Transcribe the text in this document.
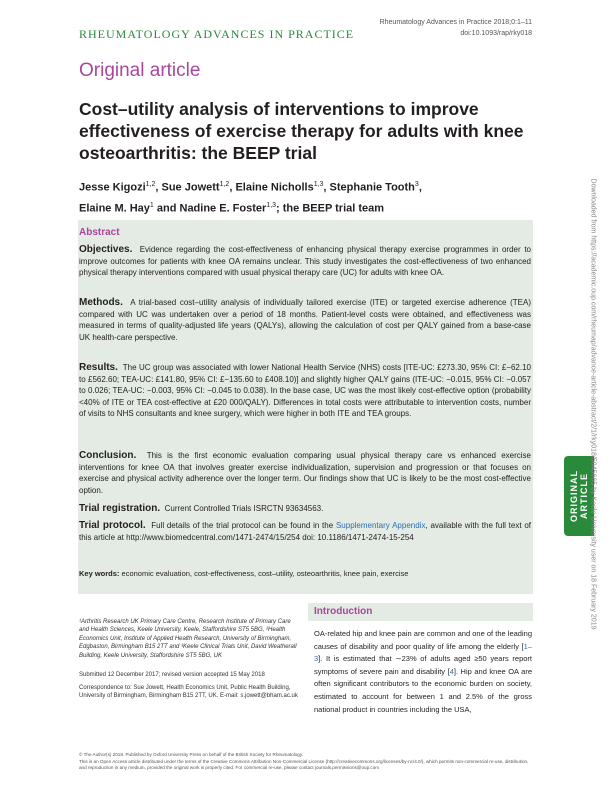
RHEUMATOLOGY ADVANCES IN PRACTICE
Rheumatology Advances in Practice 2018;0:1–11
doi:10.1093/rap/rky018
Original article
Cost–utility analysis of interventions to improve effectiveness of exercise therapy for adults with knee osteoarthritis: the BEEP trial
Jesse Kigozi$^{1,2}$, Sue Jowett$^{1,2}$, Elaine Nicholls$^{1,3}$, Stephanie Tooth$^3$,
Elaine M. Hay$^1$ and Nadine E. Foster$^{1,3}$; the BEEP trial team
Abstract

Objectives. Evidence regarding the cost-effectiveness of enhancing physical therapy exercise programmes in order to improve outcomes for patients with knee OA remains unclear. This study investigates the cost-effectiveness of two enhanced physical therapy interventions compared with usual physical therapy care (UC) for adults with knee OA.

Methods. A trial-based cost–utility analysis of individually tailored exercise (ITE) or targeted exercise adherence (TEA) compared with UC was undertaken over a period of 18 months. Patient-level costs were obtained, and effectiveness was measured in terms of quality-adjusted life years (QALYs), allowing the calculation of cost per QALY gained from a base-case UK health-care perspective.

Results. The UC group was associated with lower National Health Service (NHS) costs [ITE-UC: £273.30, 95% CI: £−62.10 to £562.60; TEA-UC: £141.80, 95% CI: £−135.60 to £408.10)] and slightly higher QALY gains (ITE-UC: −0.015, 95% CI: −0.057 to 0.026; TEA-UC: −0.003, 95% CI: −0.045 to 0.038). In the base case, UC was the most likely cost-effective option (probability <40% of ITE or TEA cost-effective at £20 000/QALY). Differences in total costs were attributable to intervention costs, number of visits to NHS consultants and knee surgery, which were higher in both ITE and TEA groups.

Conclusion. This is the first economic evaluation comparing usual physical therapy care vs enhanced exercise interventions for knee OA that involves greater exercise individualization, supervision and progression or that focuses on exercise and physical activity adherence over the longer term. Our findings show that UC is likely to be the most cost-effective option.

Trial registration. Current Controlled Trials ISRCTN 93634563.

Trial protocol. Full details of the trial protocol can be found in the Supplementary Appendix, available with the full text of this article at http://www.biomedcentral.com/1471-2474/15/254 doi: 10.1186/1471-2474-15-254

Key words: economic evaluation, cost-effectiveness, cost–utility, osteoarthritis, knee pain, exercise
¹Arthritis Research UK Primary Care Centre, Research Institute of Primary Care and Health Sciences, Keele University, Keele, Staffordshire ST5 5BG, ²Health Economics Unit, Institute of Applied Health Research, University of Birmingham, Edgbaston, Birmingham B15 2TT and ³Keele Clinical Trials Unit, David Weatherall Building, Keele University, Staffordshire ST5 5BG, UK
Submitted 12 December 2017; revised version accepted 15 May 2018
Correspondence to: Sue Jowett, Health Economics Unit, Public Health Building, University of Birmingham, Birmingham B15 2TT, UK. E-mail: s.jowett@bham.ac.uk
Introduction

OA-related hip and knee pain are common and one of the leading causes of disability and poor quality of life among the elderly [1–3]. It is estimated that ∼23% of adults aged ≥50 years report symptoms of severe pain and disability [4]. Hip and knee OA are often significant contributors to the economic burden on society, estimated to account for between 1 and 2.5% of the gross national product in countries including the USA,

© The Author(s) 2018. Published by Oxford University Press on behalf of the British Society for Rheumatology.
This is an Open Access article distributed under the terms of the Creative Commons Attribution Non-Commercial License (http://creativecommons.org/licenses/by-nc/4.0/), which permits non-commercial re-use, distribution, and reproduction in any medium, provided the original work is properly cited. For commercial re-use, please contact journals.permissions@oup.com
ORIGINAL ARTICLE Downloaded from https://academic.oup.com/rheumap/advance-article-abstract/2/1/rky018/5045665 by Keele University user on 18 February 2019
